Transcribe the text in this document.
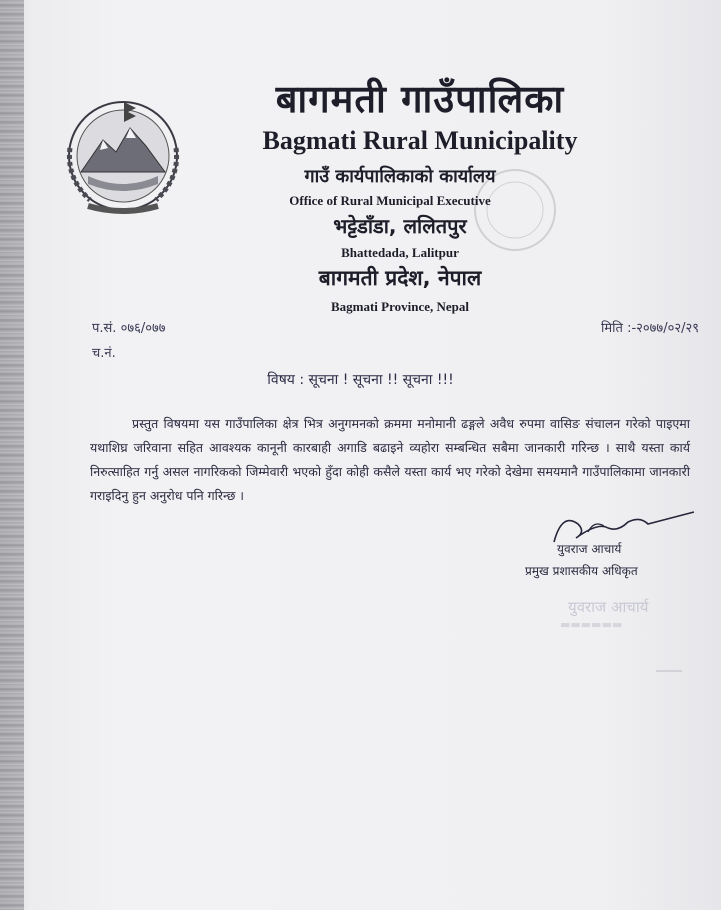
बागमती गाउँपालिका
Bagmati Rural Municipality
गाउँ कार्यपालिकाको कार्यालय
Office of Rural Municipal Executive
भट्टेडाँडा, ललितपुर
Bhattedada, Lalitpur
बागमती प्रदेश, नेपाल
Bagmati Province, Nepal
प.सं. ०७६/०७७
च.नं.
मिति :-२०७७/०२/२९
विषय : सूचना ! सूचना !! सूचना !!!
प्रस्तुत विषयमा यस गाउँपालिका क्षेत्र भित्र अनुगमनको क्रममा मनोमानी ढङ्गले अवैध रुपमा वासिङ संचालन गरेको पाइएमा यथाशिघ्र जरिवाना सहित आवश्यक कानूनी कारबाही अगाडि बढाइने व्यहोरा सम्बन्धित सबैमा जानकारी गरिन्छ । साथै यस्ता कार्य निरुत्साहित गर्नु असल नागरिकको जिम्मेवारी भएको हुँदा कोही कसैले यस्ता कार्य भए गरेको देखेमा समयमानै गाउँपालिकामा जानकारी गराइदिनु हुन अनुरोध पनि गरिन्छ ।
युवराज आचार्य
प्रमुख प्रशासकीय अधिकृत
युवराज आचार्य
▬▬▬▬▬▬
